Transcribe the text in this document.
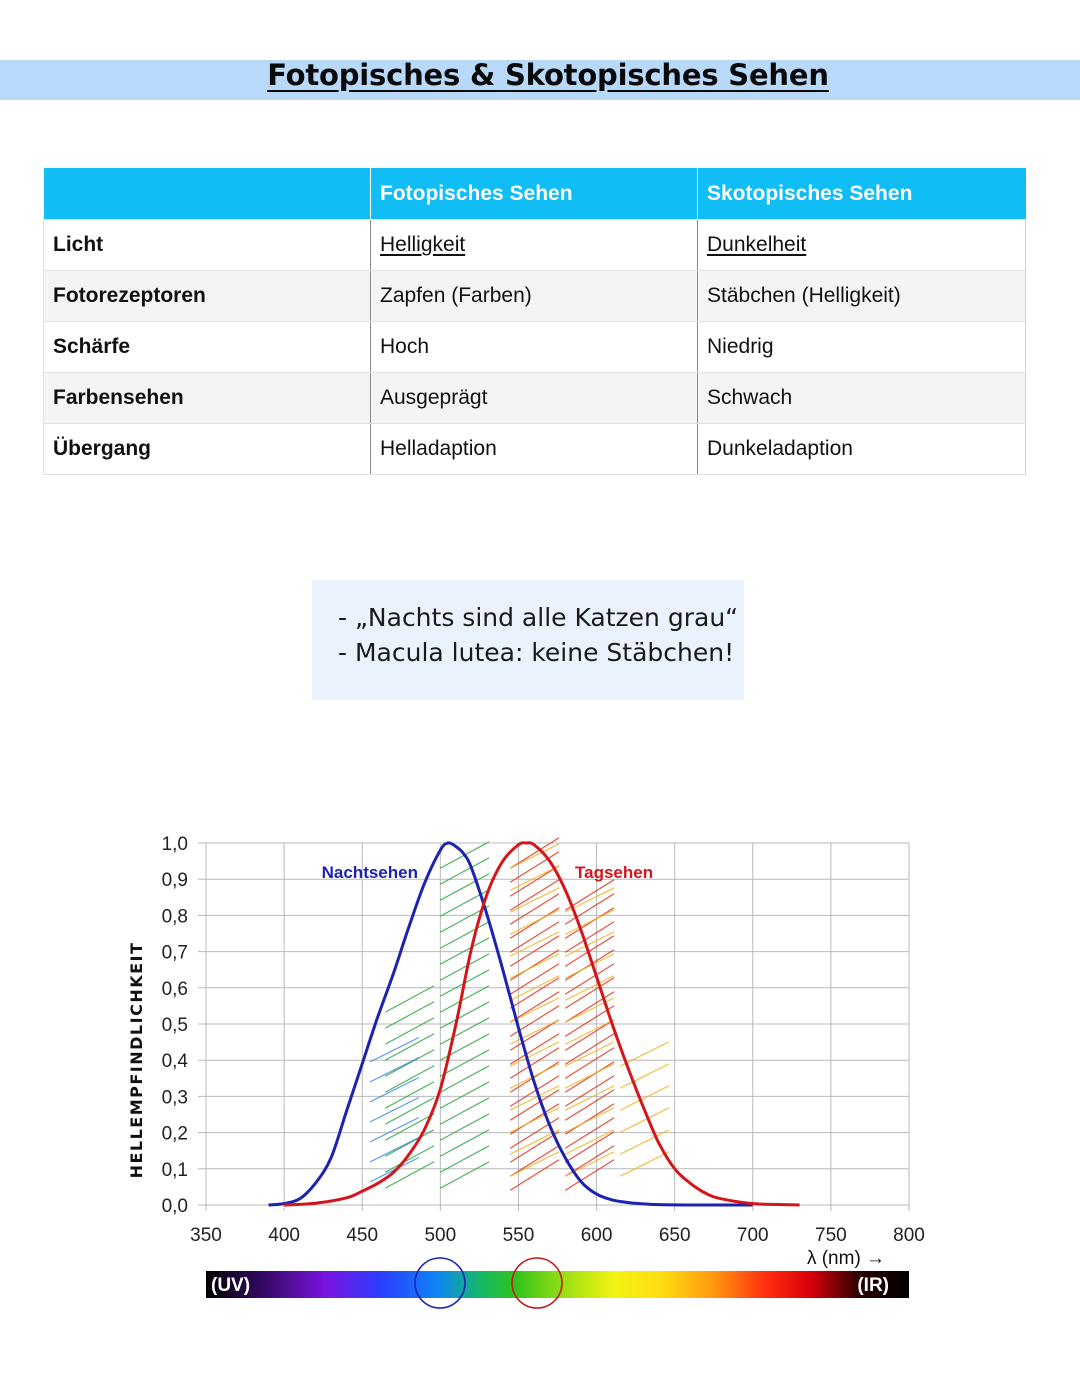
Fotopisches & Skotopisches Sehen
	Fotopisches Sehen	Skotopisches Sehen
Licht	Helligkeit	Dunkelheit
Fotorezeptoren	Zapfen (Farben)	Stäbchen (Helligkeit)
Schärfe	Hoch	Niedrig
Farbensehen	Ausgeprägt	Schwach
Übergang	Helladaption	Dunkeladaption
- „Nachts sind alle Katzen grau“
- Macula lutea: keine Stäbchen!
Nachtsehen	Tagsehen
0,0
0,1
0,2
0,3
0,4
0,5
0,6
0,7
0,8
0,9
1,0
350 400 450 500 550 600 650 700 750 800
HELLEMPFINDLICHKEIT
λ (nm) →
(UV)	(IR)
